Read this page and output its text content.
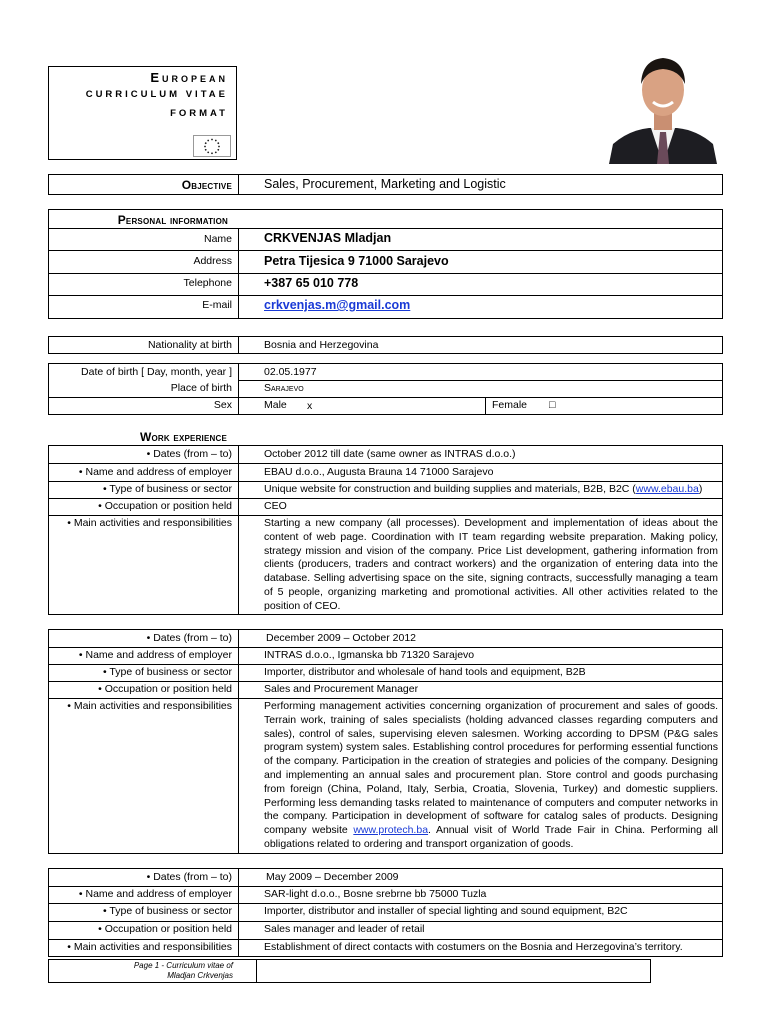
European
CURRICULUM VITAE
FORMAT
Objective	Sales, Procurement, Marketing and Logistic
Personal information
Name	CRKVENJAS Mladjan
Address	Petra Tijesica 9 71000 Sarajevo
Telephone	+387 65 010 778
E-mail	crkvenjas.m@gmail.com
Nationality at birth	Bosnia and Herzegovina
Date of birth [ Day, month, year ]	02.05.1977
Place of birth	Sarajevo
Sex	Male	x	Female	□
Work experience
• Dates (from – to)	October 2012 till date (same owner as INTRAS d.o.o.)
• Name and address of employer	EBAU d.o.o., Augusta Brauna 14 71000 Sarajevo
• Type of business or sector	Unique website for construction and building supplies and materials, B2B, B2C (www.ebau.ba)
• Occupation or position held	CEO
• Main activities and responsibilities	Starting a new company (all processes). Development and implementation of ideas about the content of web page. Coordination with IT team regarding website preparation. Making policy, strategy mission and vision of the company. Price List development, gathering information from clients (producers, traders and contract workers) and the organization of entering data into the database. Selling advertising space on the site, signing contracts, successfully managing a team of 5 people, organizing marketing and promotional activities. All other activities related to the position of CEO.
• Dates (from – to)	December 2009 – October 2012
• Name and address of employer	INTRAS d.o.o., Igmanska bb 71320 Sarajevo
• Type of business or sector	Importer, distributor and wholesale of hand tools and equipment, B2B
• Occupation or position held	Sales and Procurement Manager
• Main activities and responsibilities	Performing management activities concerning organization of procurement and sales of goods. Terrain work, training of sales specialists (holding advanced classes regarding computers and sales), control of sales, supervising eleven salesmen. Working according to DPSM (P&G sales program system) system sales. Establishing control procedures for performing essential functions of the company. Participation in the creation of strategies and policies of the company. Designing and implementing an annual sales and procurement plan. Store control and goods purchasing from foreign (China, Poland, Italy, Serbia, Croatia, Slovenia, Turkey) and domestic suppliers. Performing less demanding tasks related to maintenance of computers and computer networks in the company. Participation in development of software for catalog sales of products. Designing company website www.protech.ba. Annual visit of World Trade Fair in China. Performing all obligations related to ordering and transport organization of goods.
• Dates (from – to)	May 2009 – December 2009
• Name and address of employer	SAR-light d.o.o., Bosne srebrne bb 75000 Tuzla
• Type of business or sector	Importer, distributor and installer of special lighting and sound equipment, B2C
• Occupation or position held	Sales manager and leader of retail
• Main activities and responsibilities	Establishment of direct contacts with costumers on the Bosnia and Herzegovina’s territory.
Page 1 - Curriculum vitae of
Mladjan Crkvenjas
